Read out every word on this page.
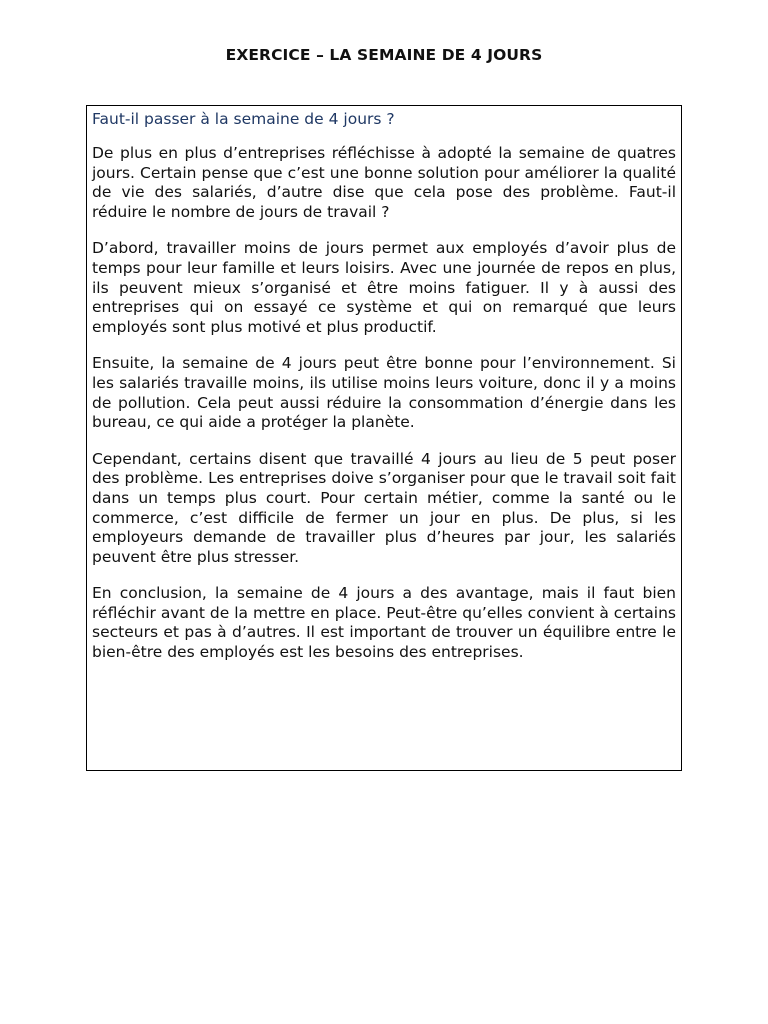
EXERCICE – LA SEMAINE DE 4 JOURS

Faut-il passer à la semaine de 4 jours ?

De plus en plus d’entreprises réfléchisse à adopté la semaine de quatres jours. Certain pense que c’est une bonne solution pour améliorer la qualité de vie des salariés, d’autre dise que cela pose des problème. Faut-il réduire le nombre de jours de travail ?

D’abord, travailler moins de jours permet aux employés d’avoir plus de temps pour leur famille et leurs loisirs. Avec une journée de repos en plus, ils peuvent mieux s’organisé et être moins fatiguer. Il y à aussi des entreprises qui on essayé ce système et qui on remarqué que leurs employés sont plus motivé et plus productif.

Ensuite, la semaine de 4 jours peut être bonne pour l’environnement. Si les salariés travaille moins, ils utilise moins leurs voiture, donc il y a moins de pollution. Cela peut aussi réduire la consommation d’énergie dans les bureau, ce qui aide a protéger la planète.

Cependant, certains disent que travaillé 4 jours au lieu de 5 peut poser des problème. Les entreprises doive s’organiser pour que le travail soit fait dans un temps plus court. Pour certain métier, comme la santé ou le commerce, c’est difficile de fermer un jour en plus. De plus, si les employeurs demande de travailler plus d’heures par jour, les salariés peuvent être plus stresser.

En conclusion, la semaine de 4 jours a des avantage, mais il faut bien réfléchir avant de la mettre en place. Peut-être qu’elles convient à certains secteurs et pas à d’autres. Il est important de trouver un équilibre entre le bien-être des employés est les besoins des entreprises.
